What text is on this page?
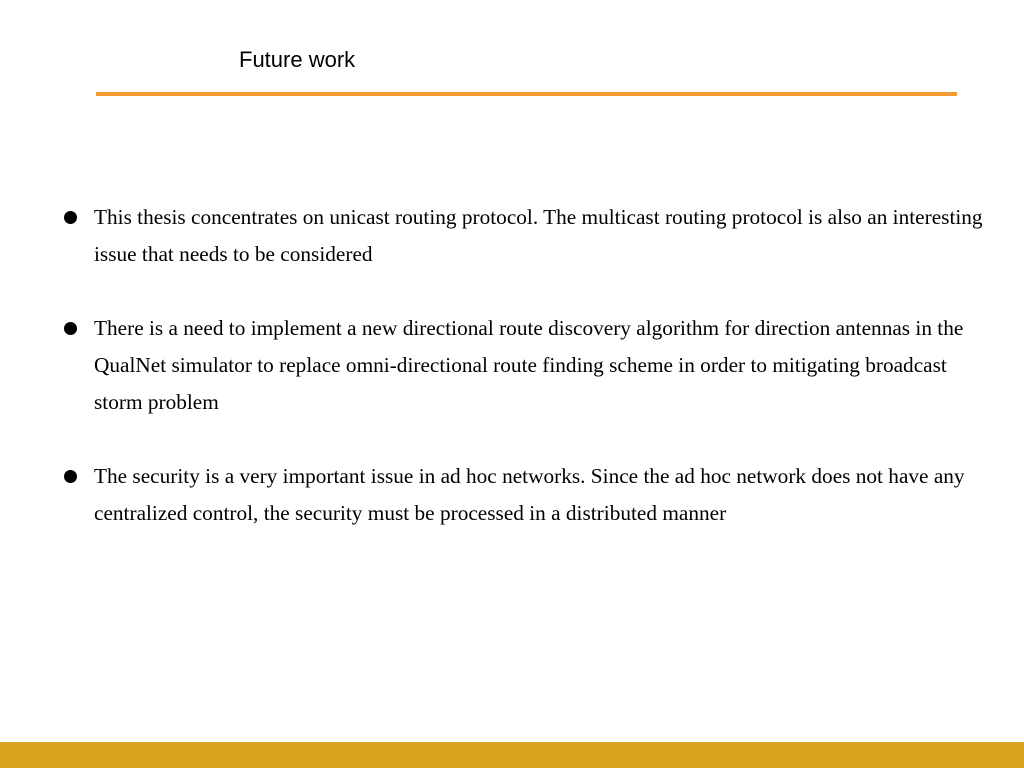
Future work
This thesis concentrates on unicast routing protocol. The multicast routing protocol is also an interesting issue that needs to be considered
There is a need to implement a new directional route discovery algorithm for direction antennas in the QualNet simulator to replace omni-directional route finding scheme in order to mitigating broadcast storm problem
The security is a very important issue in ad hoc networks. Since the ad hoc network does not have any centralized control, the security must be processed in a distributed manner
